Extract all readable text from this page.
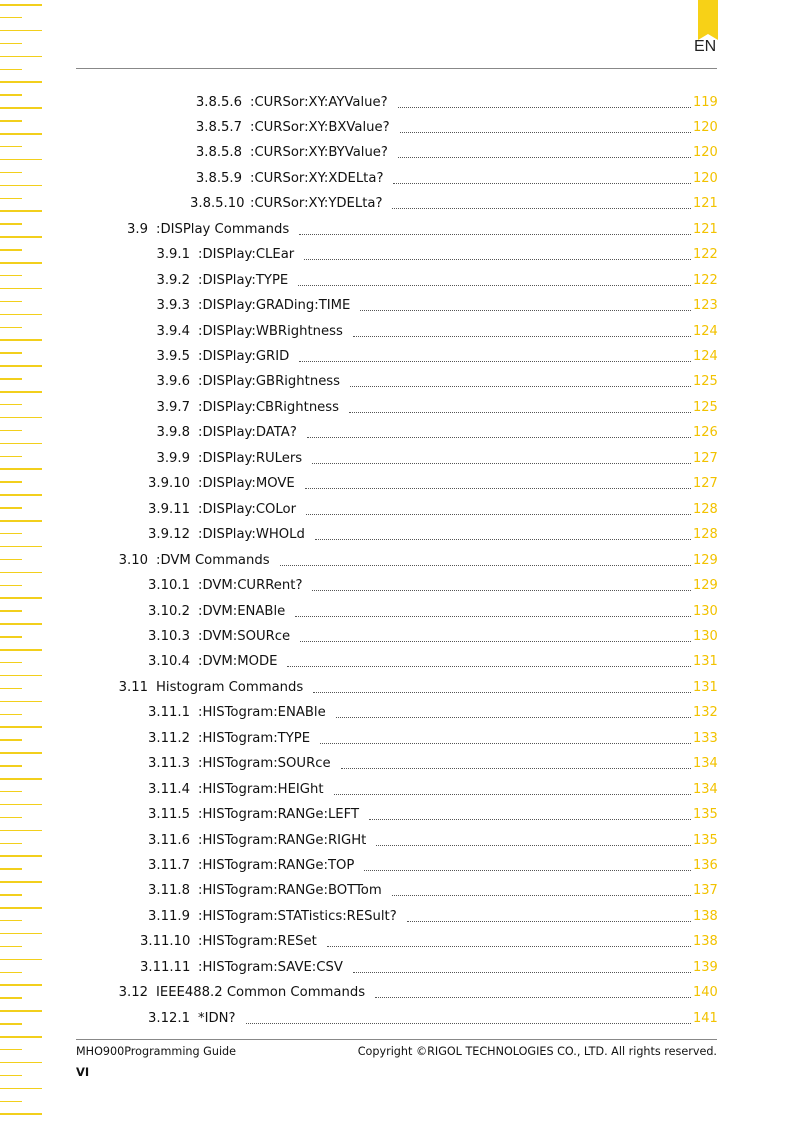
EN
3.8.5.6 :CURSor:XY:AYValue?	119
3.8.5.7 :CURSor:XY:BXValue?	120
3.8.5.8 :CURSor:XY:BYValue?	120
3.8.5.9 :CURSor:XY:XDELta?	120
3.8.5.10 :CURSor:XY:YDELta?	121
3.9 :DISPlay Commands	121
3.9.1 :DISPlay:CLEar	122
3.9.2 :DISPlay:TYPE	122
3.9.3 :DISPlay:GRADing:TIME	123
3.9.4 :DISPlay:WBRightness	124
3.9.5 :DISPlay:GRID	124
3.9.6 :DISPlay:GBRightness	125
3.9.7 :DISPlay:CBRightness	125
3.9.8 :DISPlay:DATA?	126
3.9.9 :DISPlay:RULers	127
3.9.10 :DISPlay:MOVE	127
3.9.11 :DISPlay:COLor	128
3.9.12 :DISPlay:WHOLd	128
3.10 :DVM Commands	129
3.10.1 :DVM:CURRent?	129
3.10.2 :DVM:ENABle	130
3.10.3 :DVM:SOURce	130
3.10.4 :DVM:MODE	131
3.11 Histogram Commands	131
3.11.1 :HISTogram:ENABle	132
3.11.2 :HISTogram:TYPE	133
3.11.3 :HISTogram:SOURce	134
3.11.4 :HISTogram:HEIGht	134
3.11.5 :HISTogram:RANGe:LEFT	135
3.11.6 :HISTogram:RANGe:RIGHt	135
3.11.7 :HISTogram:RANGe:TOP	136
3.11.8 :HISTogram:RANGe:BOTTom	137
3.11.9 :HISTogram:STATistics:RESult?	138
3.11.10 :HISTogram:RESet	138
3.11.11 :HISTogram:SAVE:CSV	139
3.12 IEEE488.2 Common Commands	140
3.12.1 *IDN?	141
MHO900Programming Guide	Copyright ©RIGOL TECHNOLOGIES CO., LTD. All rights reserved.
VI
